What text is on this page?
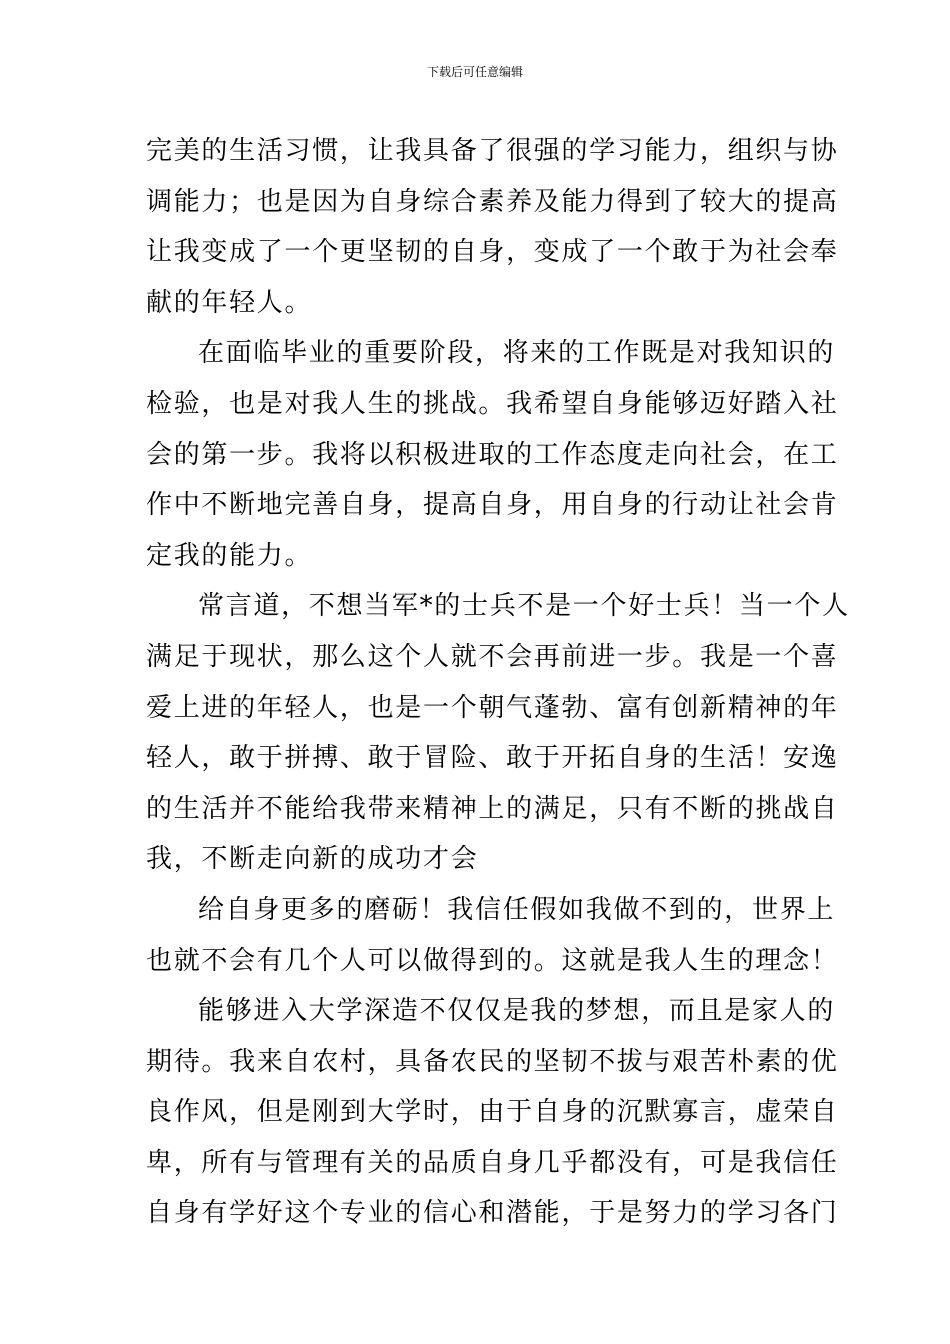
下载后可任意编辑
完美的生活习惯，让我具备了很强的学习能力，组织与协
调能力；也是因为自身综合素养及能力得到了较大的提高
让我变成了一个更坚韧的自身，变成了一个敢于为社会奉
献的年轻人。
在面临毕业的重要阶段，将来的工作既是对我知识的
检验，也是对我人生的挑战。我希望自身能够迈好踏入社
会的第一步。我将以积极进取的工作态度走向社会，在工
作中不断地完善自身，提高自身，用自身的行动让社会肯
定我的能力。
常言道，不想当军*的士兵不是一个好士兵！当一个人
满足于现状，那么这个人就不会再前进一步。我是一个喜
爱上进的年轻人，也是一个朝气蓬勃、富有创新精神的年
轻人，敢于拼搏、敢于冒险、敢于开拓自身的生活！安逸
的生活并不能给我带来精神上的满足，只有不断的挑战自
我，不断走向新的成功才会
给自身更多的磨砺！我信任假如我做不到的，世界上
也就不会有几个人可以做得到的。这就是我人生的理念！
能够进入大学深造不仅仅是我的梦想，而且是家人的
期待。我来自农村，具备农民的坚韧不拔与艰苦朴素的优
良作风，但是刚到大学时，由于自身的沉默寡言，虚荣自
卑，所有与管理有关的品质自身几乎都没有，可是我信任
自身有学好这个专业的信心和潜能，于是努力的学习各门
